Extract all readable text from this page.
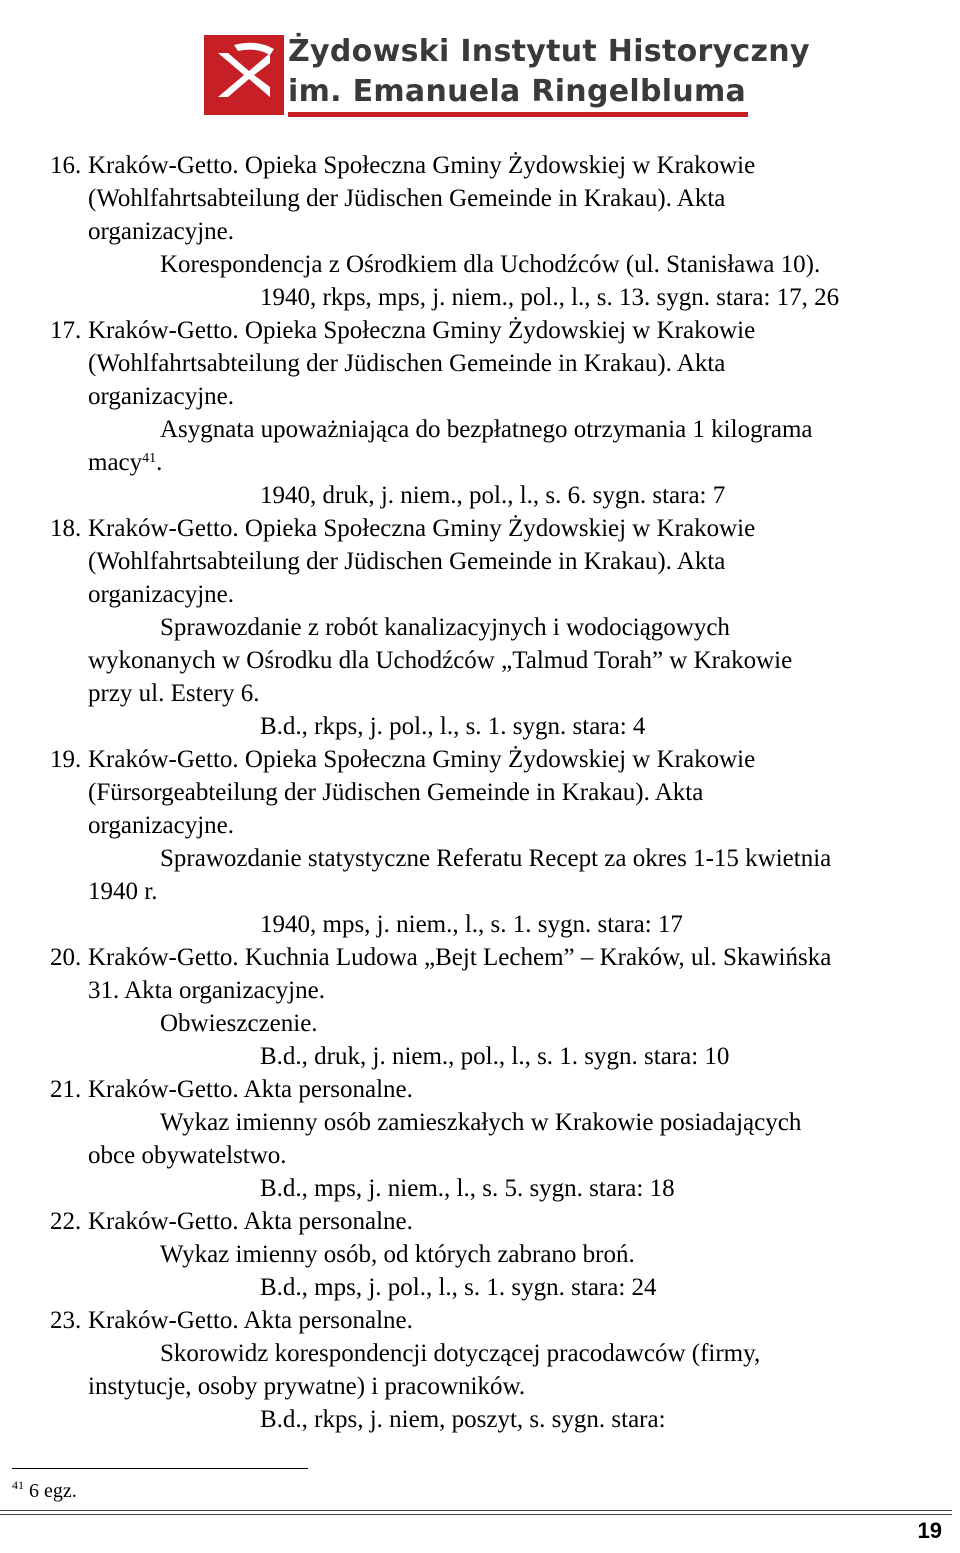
Żydowski Instytut Historyczny
im. Emanuela Ringelbluma
16. Kraków-Getto. Opieka Społeczna Gminy Żydowskiej w Krakowie
(Wohlfahrtsabteilung der Jüdischen Gemeinde in Krakau). Akta
organizacyjne.
Korespondencja z Ośrodkiem dla Uchodźców (ul. Stanisława 10).
1940, rkps, mps, j. niem., pol., l., s. 13. sygn. stara: 17, 26
17. Kraków-Getto. Opieka Społeczna Gminy Żydowskiej w Krakowie
(Wohlfahrtsabteilung der Jüdischen Gemeinde in Krakau). Akta
organizacyjne.
Asygnata upoważniająca do bezpłatnego otrzymania 1 kilograma
macy$^{41}$.
1940, druk, j. niem., pol., l., s. 6. sygn. stara: 7
18. Kraków-Getto. Opieka Społeczna Gminy Żydowskiej w Krakowie
(Wohlfahrtsabteilung der Jüdischen Gemeinde in Krakau). Akta
organizacyjne.
Sprawozdanie z robót kanalizacyjnych i wodociągowych
wykonanych w Ośrodku dla Uchodźców „Talmud Torah” w Krakowie
przy ul. Estery 6.
B.d., rkps, j. pol., l., s. 1. sygn. stara: 4
19. Kraków-Getto. Opieka Społeczna Gminy Żydowskiej w Krakowie
(Fürsorgeabteilung der Jüdischen Gemeinde in Krakau). Akta
organizacyjne.
Sprawozdanie statystyczne Referatu Recept za okres 1-15 kwietnia
1940 r.
1940, mps, j. niem., l., s. 1. sygn. stara: 17
20. Kraków-Getto. Kuchnia Ludowa „Bejt Lechem” – Kraków, ul. Skawińska
31. Akta organizacyjne.
Obwieszczenie.
B.d., druk, j. niem., pol., l., s. 1. sygn. stara: 10
21. Kraków-Getto. Akta personalne.
Wykaz imienny osób zamieszkałych w Krakowie posiadających
obce obywatelstwo.
B.d., mps, j. niem., l., s. 5. sygn. stara: 18
22. Kraków-Getto. Akta personalne.
Wykaz imienny osób, od których zabrano broń.
B.d., mps, j. pol., l., s. 1. sygn. stara: 24
23. Kraków-Getto. Akta personalne.
Skorowidz korespondencji dotyczącej pracodawców (firmy,
instytucje, osoby prywatne) i pracowników.
B.d., rkps, j. niem, poszyt, s. sygn. stara:
$^{41}$ 6 egz.
19
